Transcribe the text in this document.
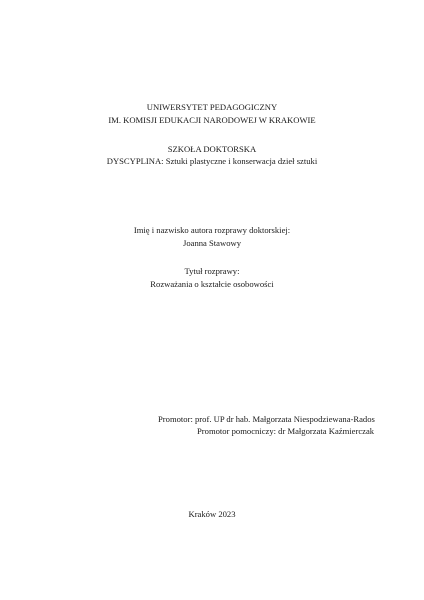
UNIWERSYTET PEDAGOGICZNY
IM. KOMISJI EDUKACJI NARODOWEJ W KRAKOWIE
SZKOŁA DOKTORSKA
DYSCYPLINA: Sztuki plastyczne i konserwacja dzieł sztuki
Imię i nazwisko autora rozprawy doktorskiej:
Joanna Stawowy
Tytuł rozprawy:
Rozważania o kształcie osobowości
Promotor: prof. UP dr hab. Małgorzata Niespodziewana-Rados
Promotor pomocniczy: dr Małgorzata Kaźmierczak
Kraków 2023
